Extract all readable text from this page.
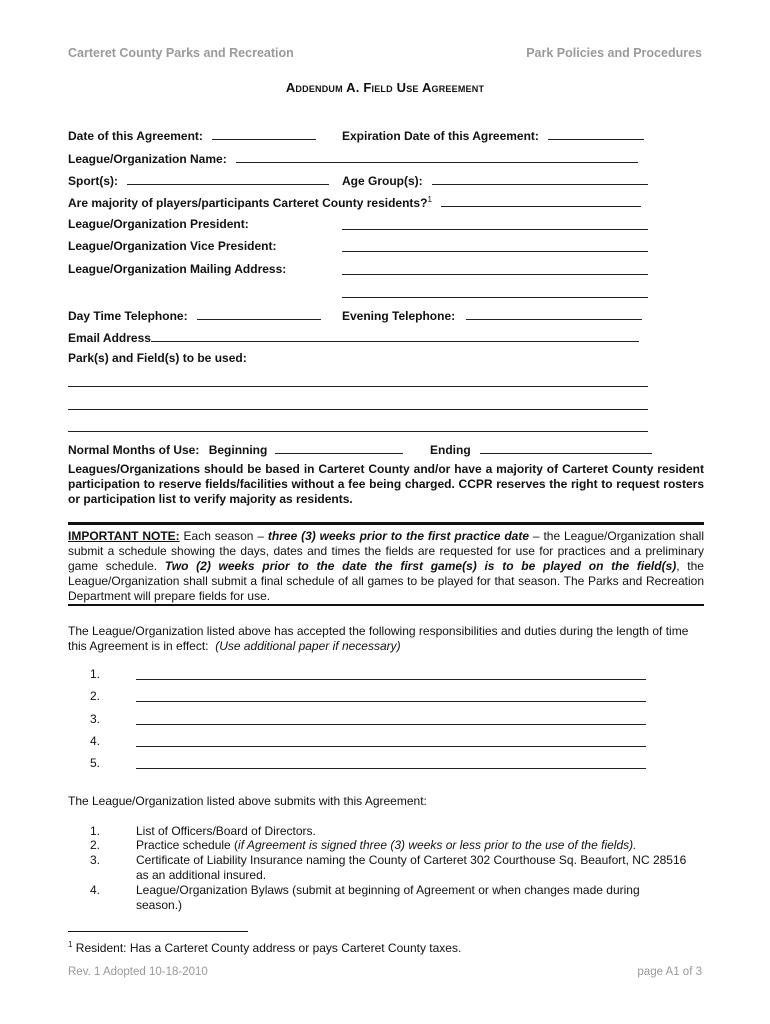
Carteret County Parks and Recreation	Park Policies and Procedures
Addendum A. Field Use Agreement
Date of this Agreement:	Expiration Date of this Agreement:
League/Organization Name:
Sport(s):	Age Group(s):
Are majority of players/participants Carteret County residents?$^1$
League/Organization President:
League/Organization Vice President:
League/Organization Mailing Address:
Day Time Telephone:	Evening Telephone:
Email Address
Park(s) and Field(s) to be used:
Normal Months of Use: Beginning	Ending
Leagues/Organizations should be based in Carteret County and/or have a majority of Carteret County resident participation to reserve fields/facilities without a fee being charged. CCPR reserves the right to request rosters or participation list to verify majority as residents.
IMPORTANT NOTE: Each season – three (3) weeks prior to the first practice date – the League/Organization shall submit a schedule showing the days, dates and times the fields are requested for use for practices and a preliminary game schedule. Two (2) weeks prior to the date the first game(s) is to be played on the field(s), the League/Organization shall submit a final schedule of all games to be played for that season. The Parks and Recreation Department will prepare fields for use.
The League/Organization listed above has accepted the following responsibilities and duties during the length of time this Agreement is in effect: (Use additional paper if necessary)
1.
2.
3.
4.
5.
The League/Organization listed above submits with this Agreement:
1.	List of Officers/Board of Directors.
2.	Practice schedule (if Agreement is signed three (3) weeks or less prior to the use of the fields).
3.	Certificate of Liability Insurance naming the County of Carteret 302 Courthouse Sq. Beaufort, NC 28516 as an additional insured.
4.	League/Organization Bylaws (submit at beginning of Agreement or when changes made during season.)
$^1$ Resident: Has a Carteret County address or pays Carteret County taxes.
Rev. 1 Adopted 10-18-2010	page A1 of 3
